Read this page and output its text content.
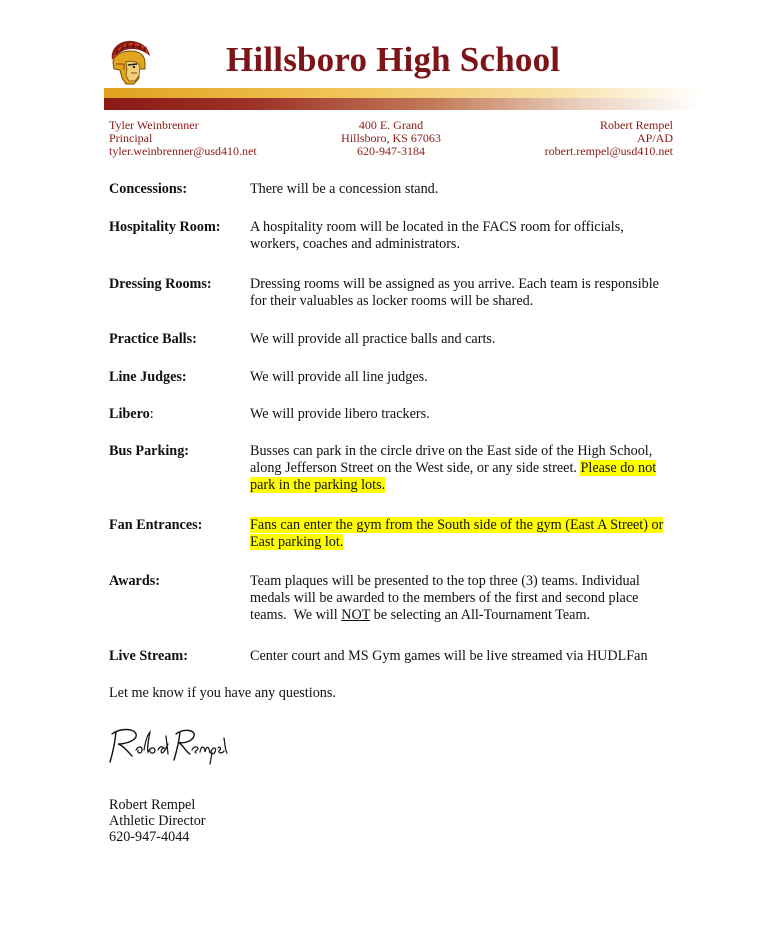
Hillsboro High School
Tyler Weinbrenner
Principal
tyler.weinbrenner@usd410.net
400 E. Grand
Hillsboro, KS 67063
620-947-3184
Robert Rempel
AP/AD
robert.rempel@usd410.net
Concessions:	There will be a concession stand.
Hospitality Room: A hospitality room will be located in the FACS room for officials,
workers, coaches and administrators.
Dressing Rooms:	Dressing rooms will be assigned as you arrive. Each team is responsible
for their valuables as locker rooms will be shared.
Practice Balls:	We will provide all practice balls and carts.
Line Judges:	We will provide all line judges.
Libero:	We will provide libero trackers.
Bus Parking:	Busses can park in the circle drive on the East side of the High School,
along Jefferson Street on the West side, or any side street. Please do not
park in the parking lots.
Fan Entrances:	Fans can enter the gym from the South side of the gym (East A Street) or
East parking lot.
Awards:	Team plaques will be presented to the top three (3) teams. Individual
medals will be awarded to the members of the first and second place
teams.  We will NOT be selecting an All-Tournament Team.
Live Stream:	Center court and MS Gym games will be live streamed via HUDLFan
Let me know if you have any questions.
Robert Rempel
Athletic Director
620-947-4044
